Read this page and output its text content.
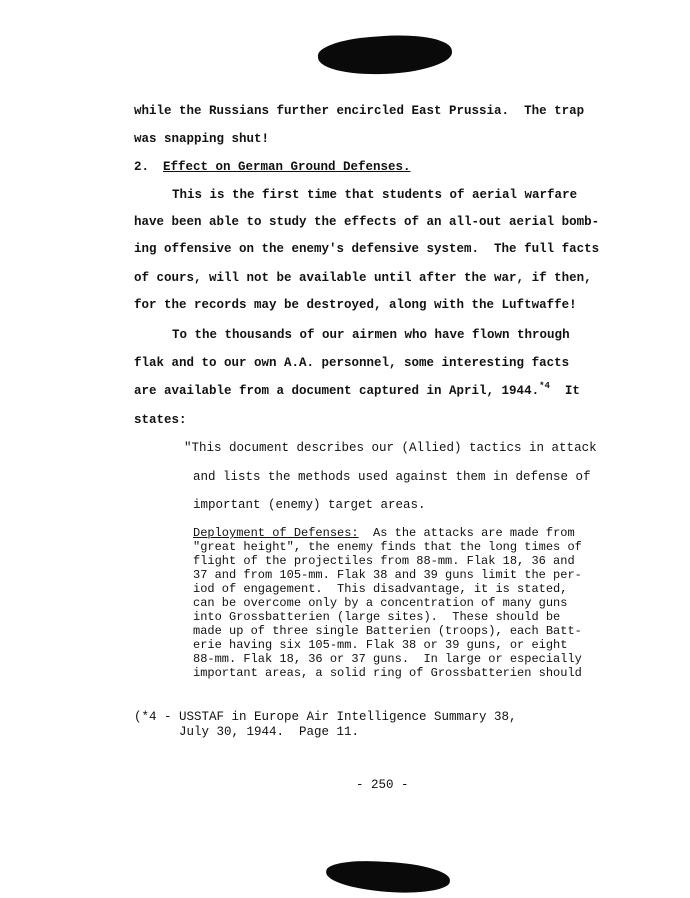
while the Russians further encircled East Prussia.  The trap
was snapping shut!
2. Effect on German Ground Defenses.
This is the first time that students of aerial warfare
have been able to study the effects of an all-out aerial bomb-
ing offensive on the enemy's defensive system.  The full facts
of cours, will not be available until after the war, if then,
for the records may be destroyed, along with the Luftwaffe!
To the thousands of our airmen who have flown through
flak and to our own A.A. personnel, some interesting facts
are available from a document captured in April, 1944.$^{*4}$ It
states:
"This document describes our (Allied) tactics in attack
and lists the methods used against them in defense of
important (enemy) target areas.
Deployment of Defenses: As the attacks are made from
"great height", the enemy finds that the long times of
flight of the projectiles from 88-mm. Flak 18, 36 and
37 and from 105-mm. Flak 38 and 39 guns limit the per-
iod of engagement.  This disadvantage, it is stated,
can be overcome only by a concentration of many guns
into Grossbatterien (large sites).  These should be
made up of three single Batterien (troops), each Batt-
erie having six 105-mm. Flak 38 or 39 guns, or eight
88-mm. Flak 18, 36 or 37 guns.  In large or especially
important areas, a solid ring of Grossbatterien should
(*4 - USSTAF in Europe Air Intelligence Summary 38,
July 30, 1944.  Page 11.
- 250 -
